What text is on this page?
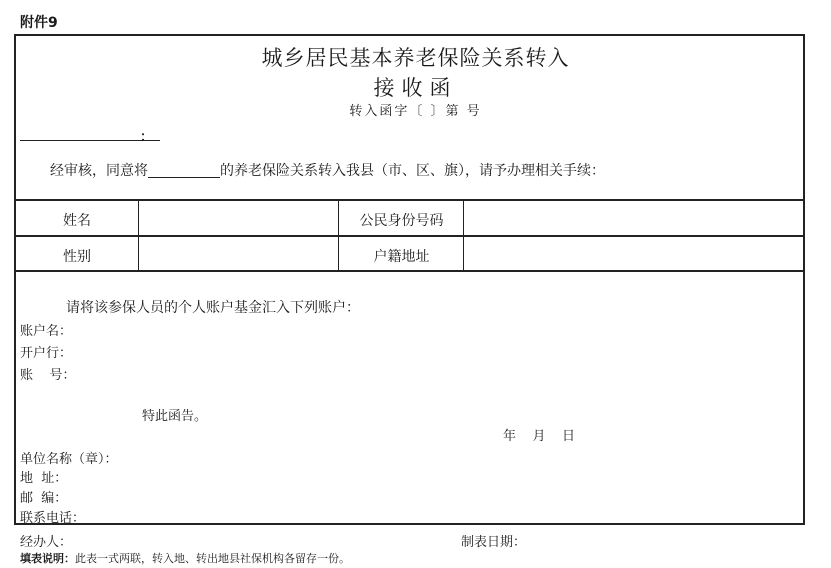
附件9
城乡居民基本养老保险关系转入
接收函
转入函字〔 〕第 号
：
经审核，同意将	的养老保险关系转入我县（市、区、旗），请予办理相关手续：
姓名	公民身份号码
性别	户籍地址
请将该参保人员的个人账户基金汇入下列账户：
账户名：
开户行：
账    号：
特此函告。
年    月    日
单位名称（章）：
地  址：
邮  编：
联系电话：
经办人：	制表日期：
填表说明：此表一式两联，转入地、转出地县社保机构各留存一份。
